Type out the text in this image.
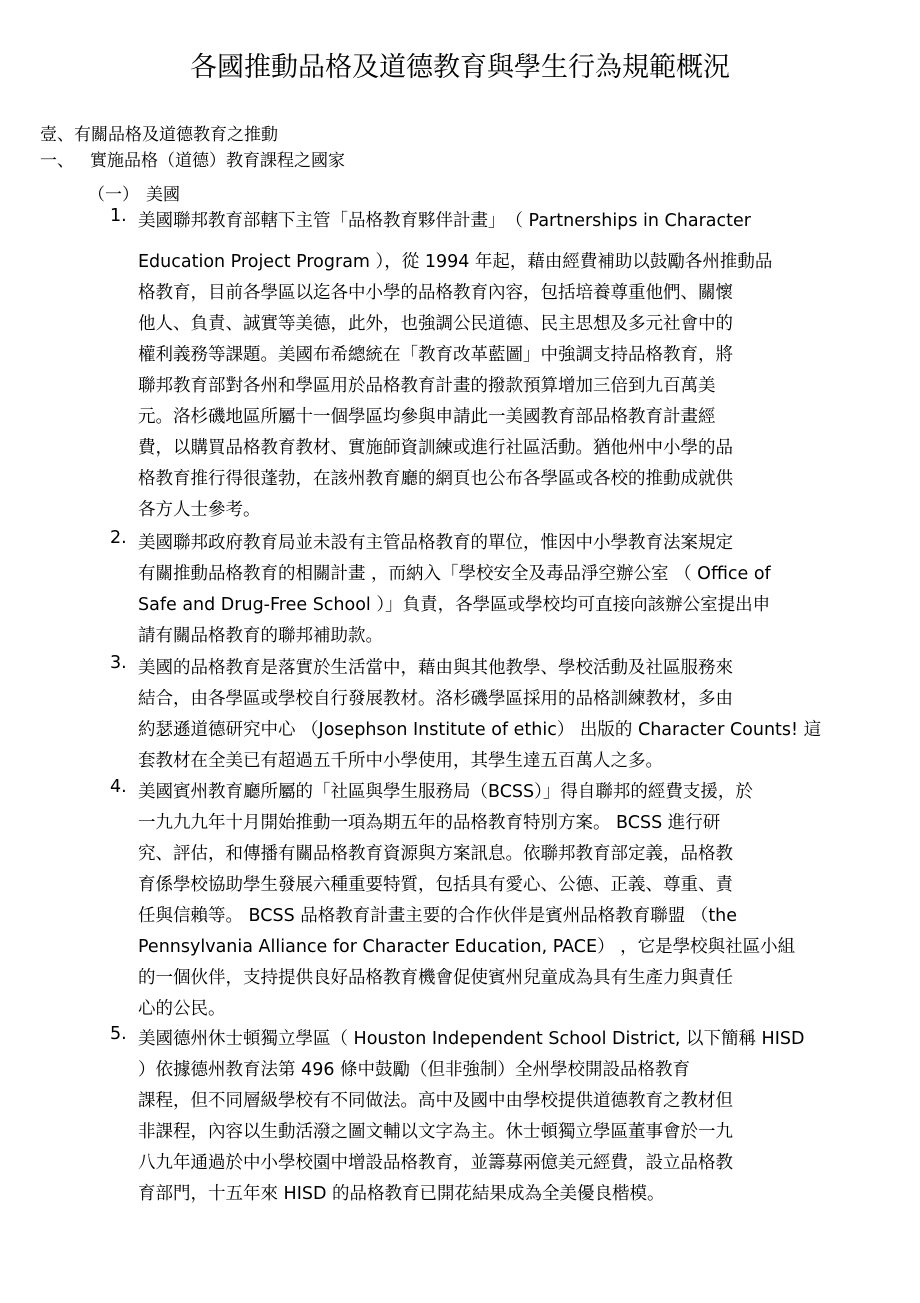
各國推動品格及道德教育與學生行為規範概況
壹、有關品格及道德教育之推動
一、 實施品格（道德）教育課程之國家
（一） 美國
1. 美國聯邦教育部轄下主管「品格教育夥伴計畫」　（ Partnerships in Character
Education Project Program ），從 1994 年起，藉由經費補助以鼓勵各州推動品
格教育，目前各學區以迄各中小學的品格教育內容，包括培養尊重他們、關懷
他人、負責、誠實等美德，此外，也強調公民道德、民主思想及多元社會中的
權利義務等課題。美國布希總統在「教育改革藍圖」中強調支持品格教育，將
聯邦教育部對各州和學區用於品格教育計畫的撥款預算增加三倍到九百萬美
元。洛杉磯地區所屬十一個學區均參與申請此一美國教育部品格教育計畫經
費，以購買品格教育教材、實施師資訓練或進行社區活動。猶他州中小學的品
格教育推行得很蓬勃，在該州教育廳的網頁也公布各學區或各校的推動成就供
各方人士參考。
2. 美國聯邦政府教育局並未設有主管品格教育的單位，惟因中小學教育法案規定
有關推動品格教育的相關計畫 ，而納入「學校安全及毒品淨空辦公室 （ Office of
Safe and Drug-Free School ）」負責，各學區或學校均可直接向該辦公室提出申
請有關品格教育的聯邦補助款。
3. 美國的品格教育是落實於生活當中，藉由與其他教學、學校活動及社區服務來
結合，由各學區或學校自行發展教材。洛杉磯學區採用的品格訓練教材，多由
約瑟遜道德研究中心 （Josephson Institute of ethic） 出版的 Character Counts! 這
套教材在全美已有超過五千所中小學使用，其學生達五百萬人之多。
4. 美國賓州教育廳所屬的「社區與學生服務局（BCSS）」得自聯邦的經費支援，於
一九九九年十月開始推動一項為期五年的品格教育特別方案。 BCSS 進行研
究、評估，和傳播有關品格教育資源與方案訊息。依聯邦教育部定義，品格教
育係學校協助學生發展六種重要特質，包括具有愛心、公德、正義、尊重、責
任與信賴等。 BCSS 品格教育計畫主要的合作伙伴是賓州品格教育聯盟 （the
Pennsylvania Alliance for Character Education, PACE） ，它是學校與社區小組
的一個伙伴，支持提供良好品格教育機會促使賓州兒童成為具有生產力與責任
心的公民。
5. 美國德州休士頓獨立學區（ Houston Independent School District, 以下簡稱 HISD
）依據德州教育法第 496 條中鼓勵（但非強制）全州學校開設品格教育
課程，但不同層級學校有不同做法。高中及國中由學校提供道德教育之教材但
非課程，內容以生動活潑之圖文輔以文字為主。休士頓獨立學區董事會於一九
八九年通過於中小學校園中增設品格教育，並籌募兩億美元經費，設立品格教
育部門，十五年來 HISD 的品格教育已開花結果成為全美優良楷模。
